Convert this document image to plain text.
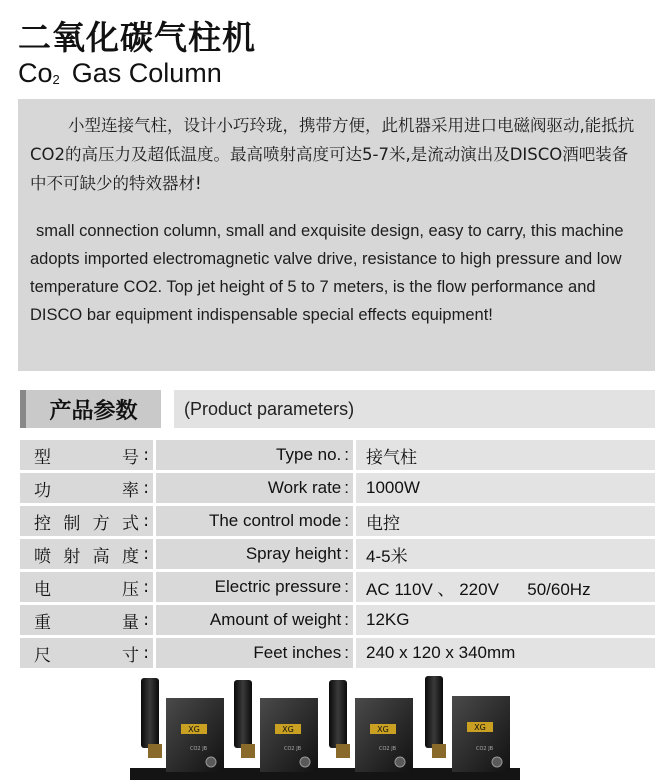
二氧化碳气柱机
$Co_2$ Gas Column

小型连接气柱，设计小巧玲珑，携带方便，此机器采用进口电磁阀驱动,能抵抗CO2的高压力及超低温度。最高喷射高度可达5-7米,是流动演出及DISCO酒吧装备中不可缺少的特效器材!

small connection column, small and exquisite design, easy to carry, this machine adopts imported electromagnetic valve drive, resistance to high pressure and low temperature CO2. Top jet height of 5 to 7 meters, is the flow performance and DISCO bar equipment indispensable special effects equipment!

产品参数	(Product parameters)
型号 :	Type no. :	接气柱
功率 :	Work rate :	1000W
控制方式 :	The control mode :	电控
喷射高度 :	Spray height :	4-5米
电压 :	Electric pressure :	AC 110V 、 220V      50/60Hz
重量 :	Amount of weight :	12KG
尺寸 :	Feet inches :	240 x 120 x 340mm
XG
CO2 JB
XG
CO2 JB
XG
CO2 JB
XG
CO2 JB
